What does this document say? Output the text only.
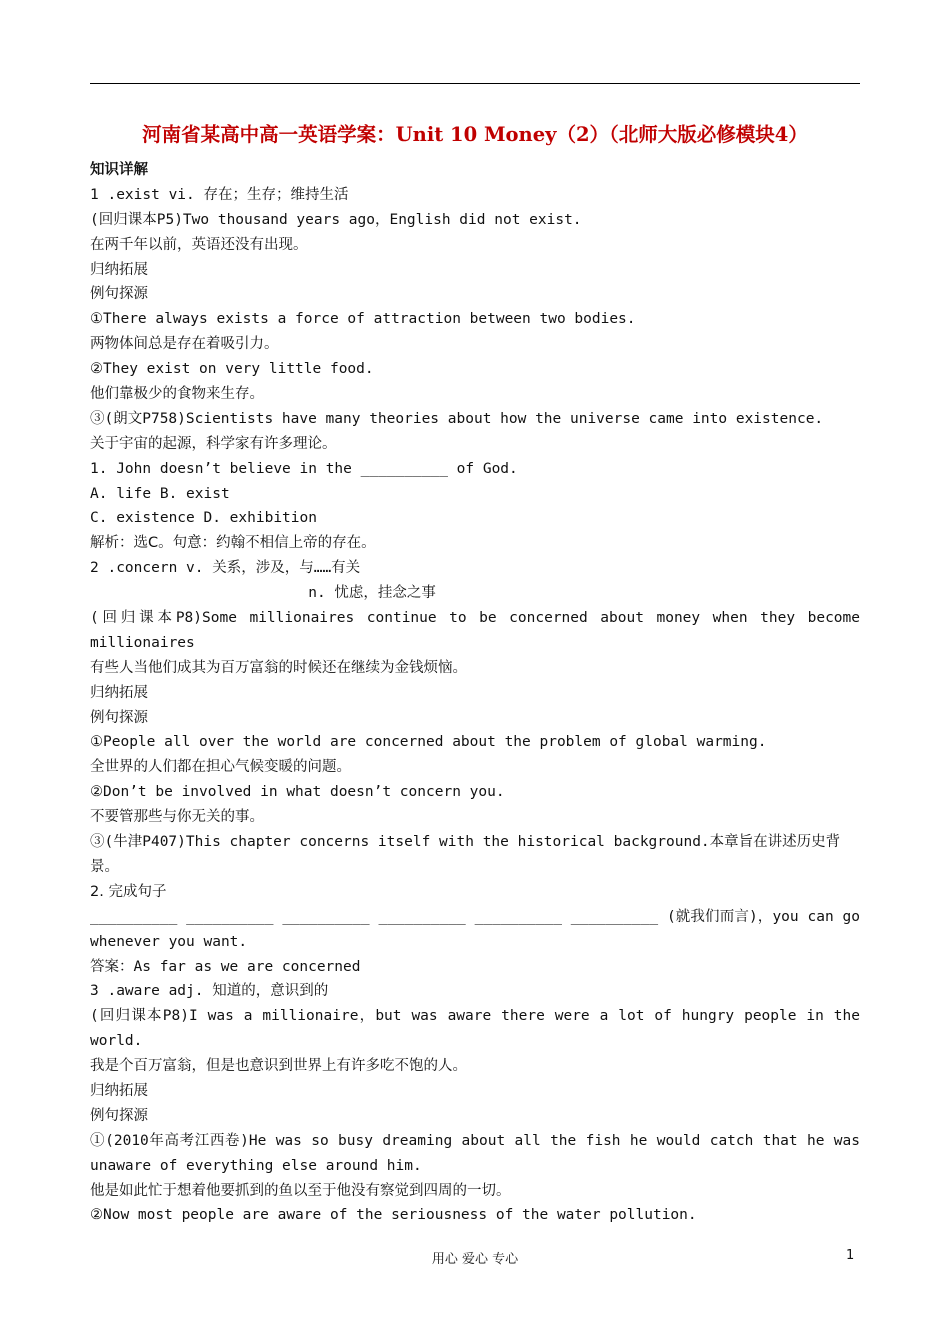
河南省某高中高一英语学案：Unit 10 Money（2）（北师大版必修模块4）
知识详解
1 .exist vi. 存在；生存；维持生活
(回归课本P5)Two thousand years ago，English did not exist.
在两千年以前，英语还没有出现。
归纳拓展
例句探源
①There always exists a force of attraction between two bodies.
两物体间总是存在着吸引力。
②They exist on very little food.
他们靠极少的食物来生存。
③(朗文P758)Scientists have many theories about how the universe came into existence.
关于宇宙的起源，科学家有许多理论。
1. John doesn’t believe in the __________ of God.
A. life B. exist
C. existence D. exhibition
解析：选C。句意：约翰不相信上帝的存在。
2 .concern v. 关系，涉及，与……有关
n. 忧虑，挂念之事
(回归课本P8)Some millionaires continue to be concerned about money when they become
millionaires
有些人当他们成其为百万富翁的时候还在继续为金钱烦恼。
归纳拓展
例句探源
①People all over the world are concerned about the problem of global warming.
全世界的人们都在担心气候变暖的问题。
②Don’t be involved in what doesn’t concern you.
不要管那些与你无关的事。
③(牛津P407)This chapter concerns itself with the historical background.本章旨在讲述历史背
景。
2. 完成句子
__________ __________ __________ __________ __________ __________ (就我们而言)，you can go
whenever you want.
答案：As far as we are concerned
3 .aware adj. 知道的，意识到的
(回归课本P8)I was a millionaire，but was aware there were a lot of hungry people in the
world.
我是个百万富翁，但是也意识到世界上有许多吃不饱的人。
归纳拓展
例句探源
①(2010年高考江西卷)He was so busy dreaming about all the fish he would catch that he was
unaware of everything else around him.
他是如此忙于想着他要抓到的鱼以至于他没有察觉到四周的一切。
②Now most people are aware of the seriousness of the water pollution.
用心 爱心 专心	1
